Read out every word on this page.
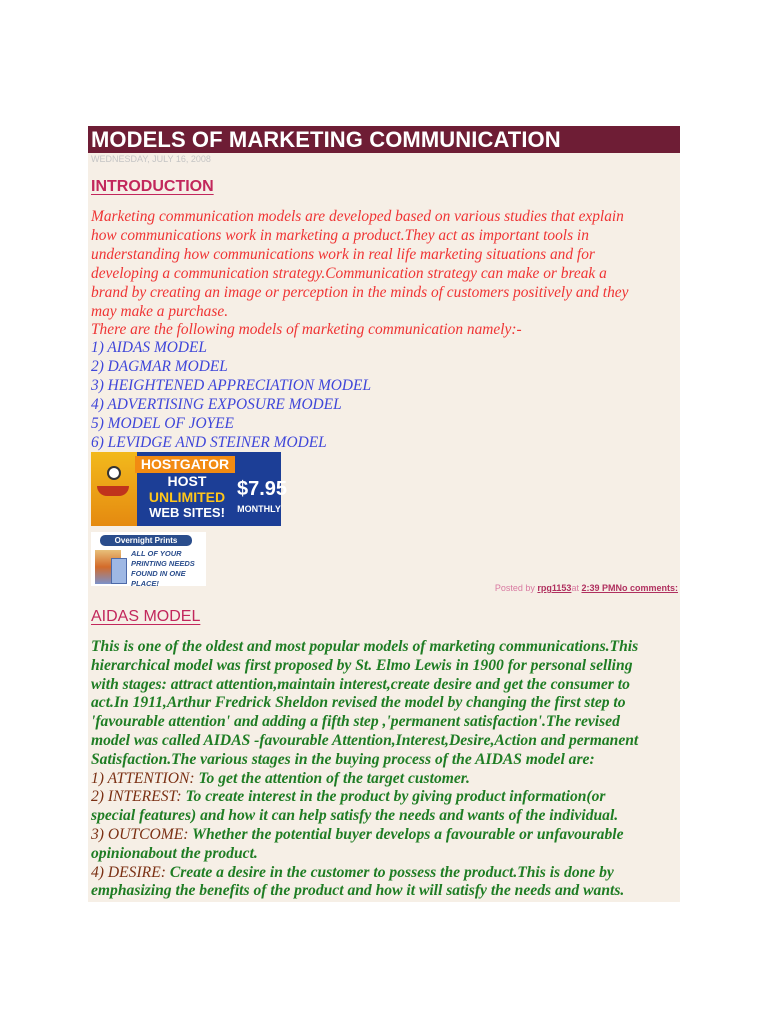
MODELS OF MARKETING COMMUNICATION
WEDNESDAY, JULY 16, 2008
INTRODUCTION
Marketing communication models are developed based on various studies that explain
how communications work in marketing a product.They act as important tools in
understanding how communications work in real life marketing situations and for
developing a communication strategy.Communication strategy can make or break a
brand by creating an image or perception in the minds of customers positively and they
may make a purchase.
There are the following models of marketing communication namely:-
1) AIDAS MODEL
2) DAGMAR MODEL
3) HEIGHTENED APPRECIATION MODEL
4) ADVERTISING EXPOSURE MODEL
5) MODEL OF JOYEE
6) LEVIDGE AND STEINER MODEL
HOSTGATOR
HOST
UNLIMITED
WEB SITES!
$7.95
MONTHLY
Overnight Prints
ALL OF YOUR PRINTING NEEDS FOUND IN ONE PLACE!	Posted by rpg1153at 2:39 PMNo comments:
AIDAS MODEL
This is one of the oldest and most popular models of marketing communications.This
hierarchical model was first proposed by St. Elmo Lewis in 1900 for personal selling
with stages: attract attention,maintain interest,create desire and get the consumer to
act.In 1911,Arthur Fredrick Sheldon revised the model by changing the first step to
'favourable attention' and adding a fifth step ,'permanent satisfaction'.The revised
model was called AIDAS -favourable Attention,Interest,Desire,Action and permanent
Satisfaction.The various stages in the buying process of the AIDAS model are:
1) ATTENTION: To get the attention of the target customer.
2) INTEREST: To create interest in the product by giving product information(or
special features) and how it can help satisfy the needs and wants of the individual.
3) OUTCOME: Whether the potential buyer develops a favourable or unfavourable
opinionabout the product.
4) DESIRE: Create a desire in the customer to possess the product.This is done by
emphasizing the benefits of the product and how it will satisfy the needs and wants.
